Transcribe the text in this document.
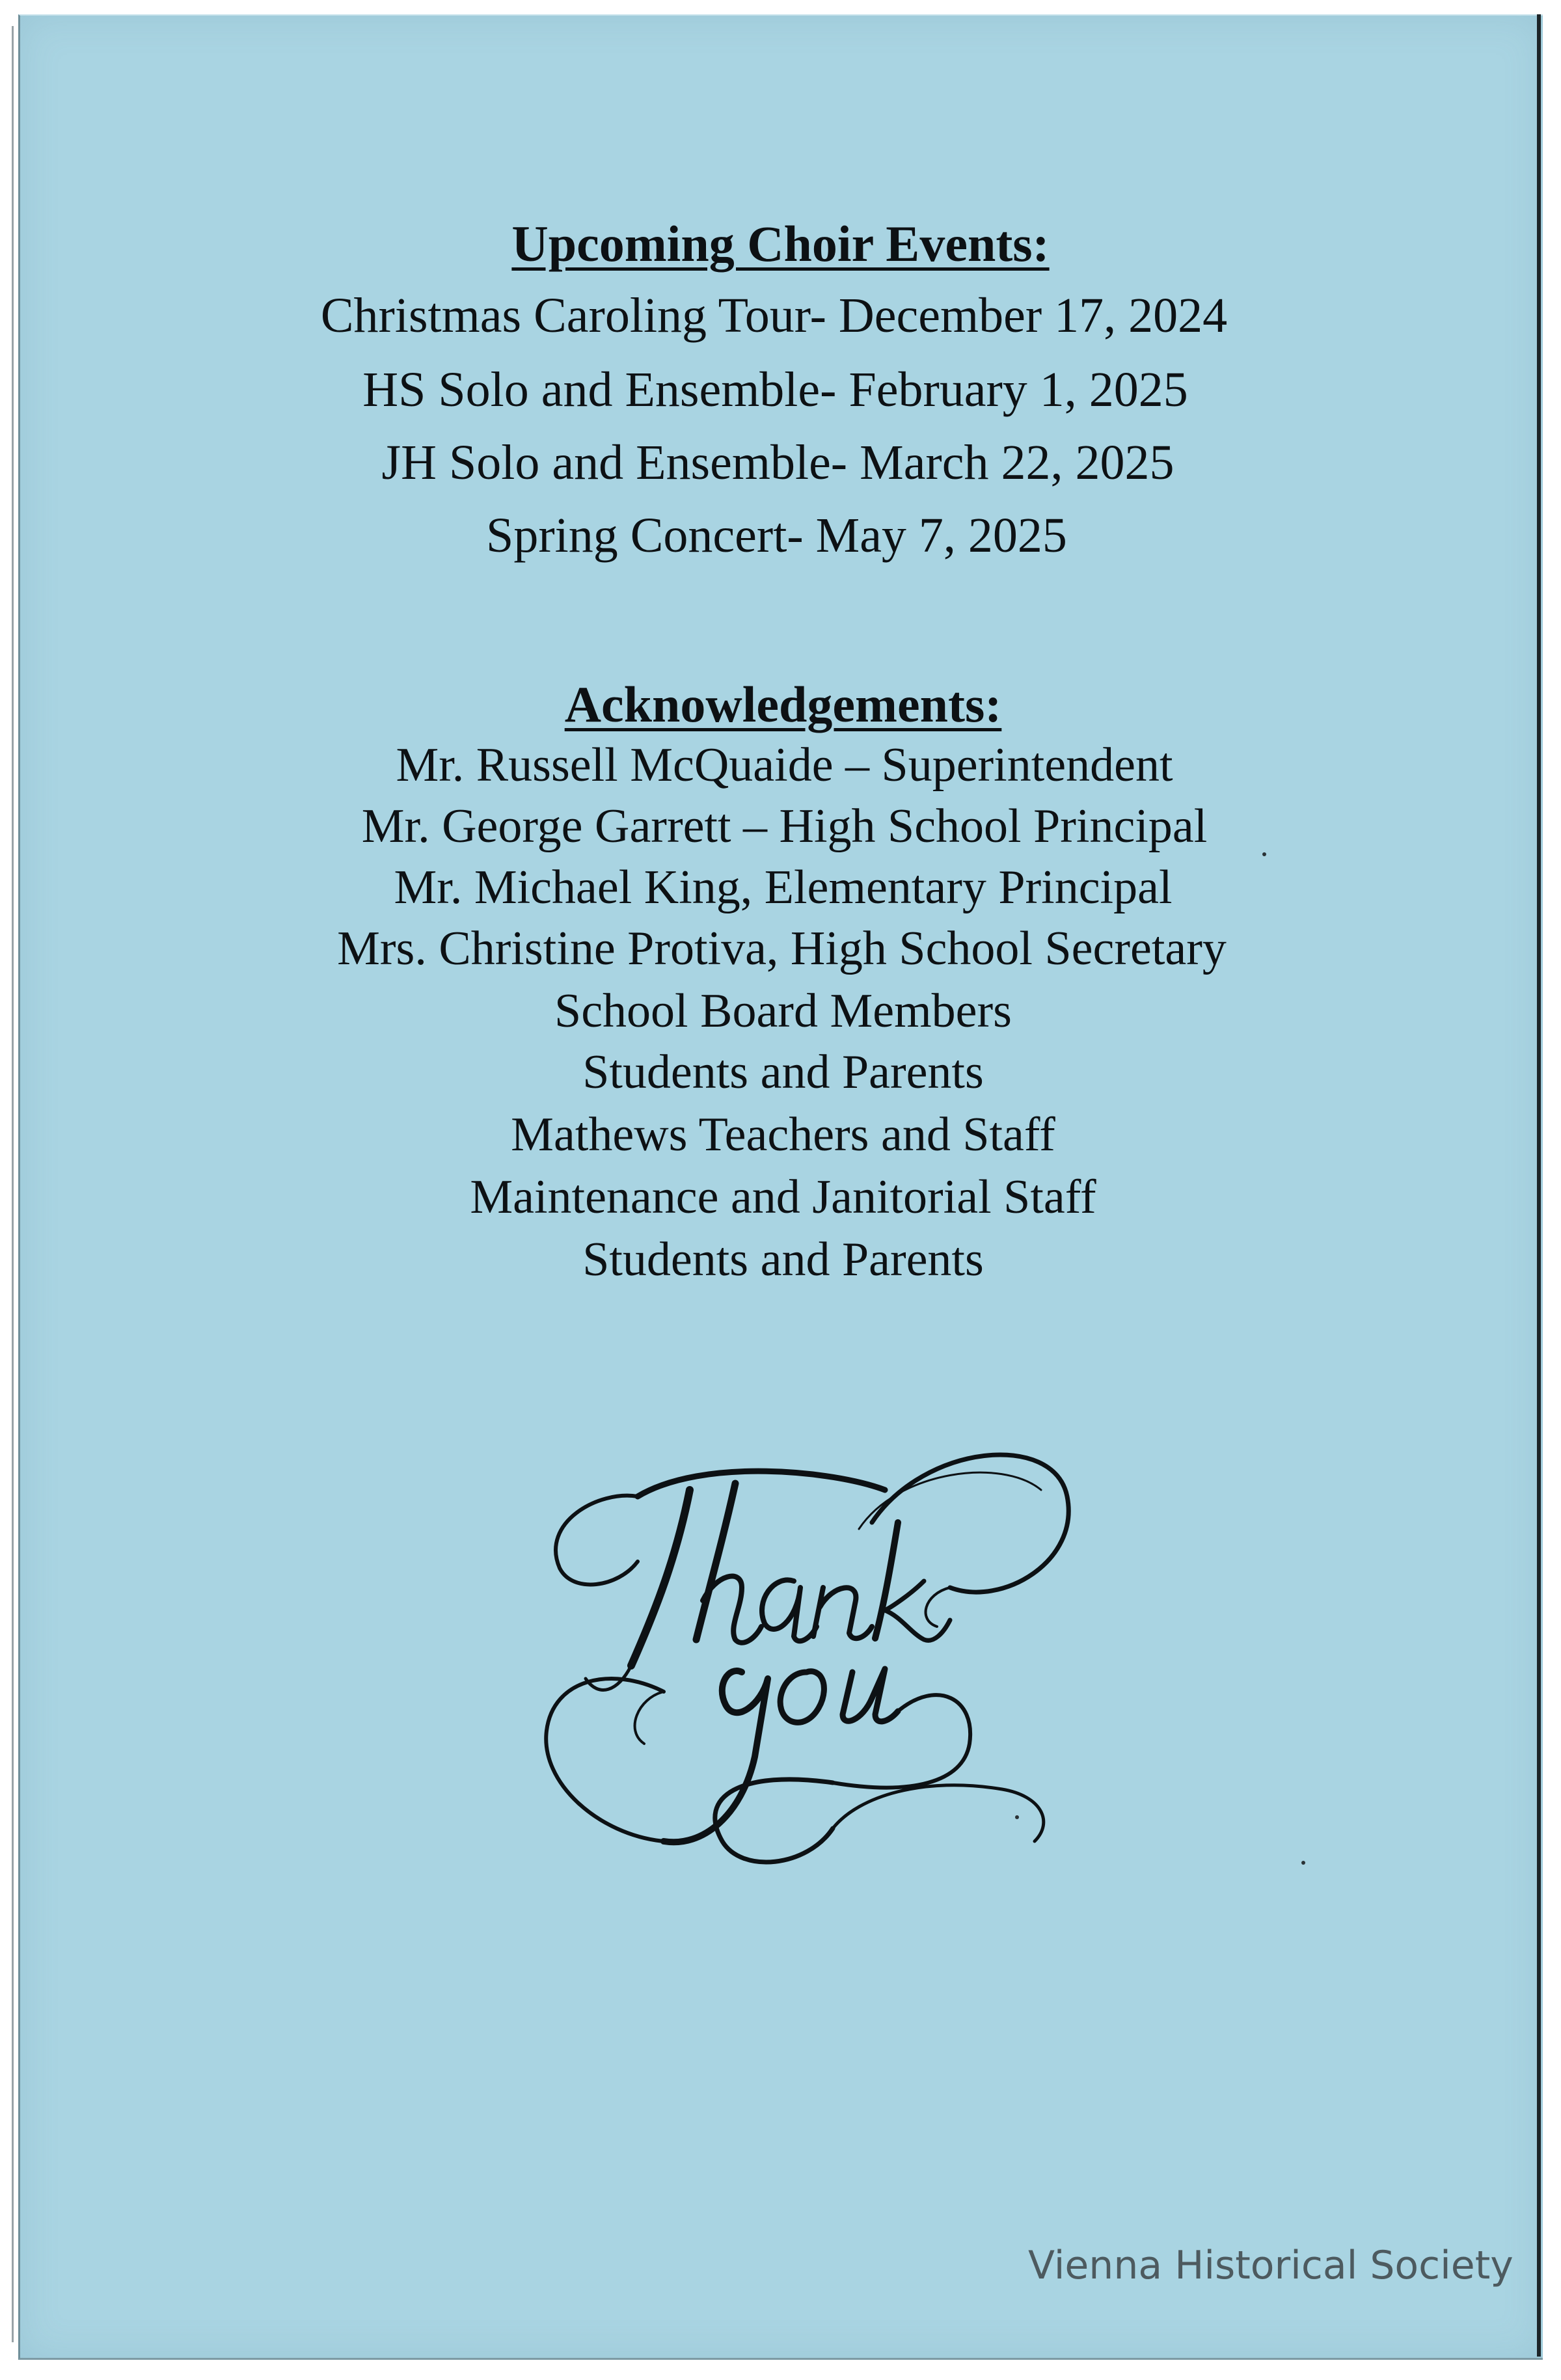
Upcoming Choir Events:
Christmas Caroling Tour- December 17, 2024
HS Solo and Ensemble- February 1, 2025
JH Solo and Ensemble- March 22, 2025
Spring Concert- May 7, 2025
Acknowledgements:
Mr. Russell McQuaide – Superintendent
Mr. George Garrett – High School Principal
Mr. Michael King, Elementary Principal
Mrs. Christine Protiva, High School Secretary
School Board Members
Students and Parents
Mathews Teachers and Staff
Maintenance and Janitorial Staff
Students and Parents
Vienna Historical Society
